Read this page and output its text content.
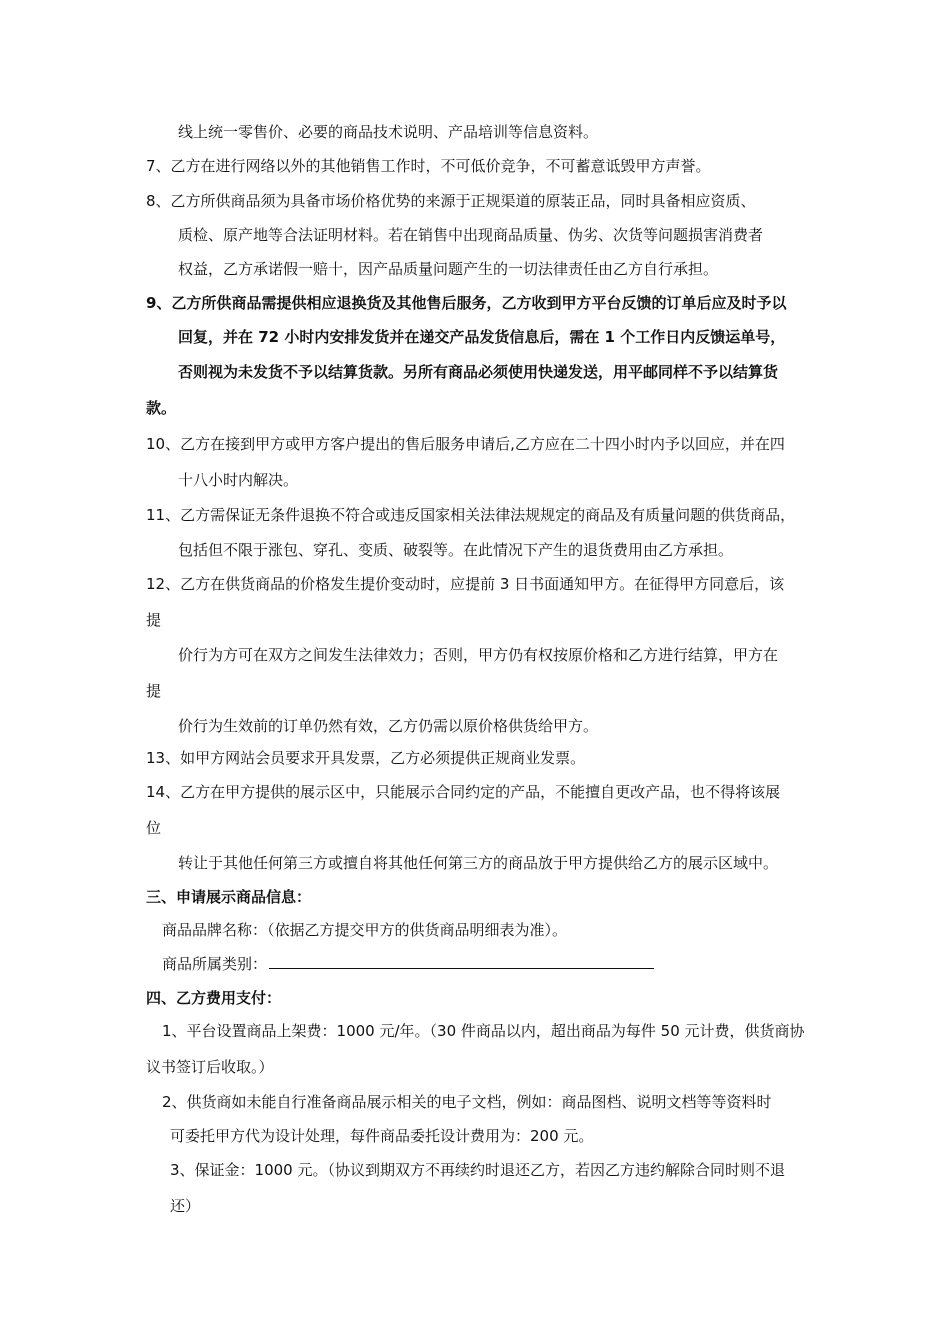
线上统一零售价、必要的商品技术说明、产品培训等信息资料。
7、乙方在进行网络以外的其他销售工作时，不可低价竞争，不可蓄意诋毁甲方声誉。
8、乙方所供商品须为具备市场价格优势的来源于正规渠道的原装正品，同时具备相应资质、
质检、原产地等合法证明材料。若在销售中出现商品质量、伪劣、次货等问题损害消费者
权益，乙方承诺假一赔十，因产品质量问题产生的一切法律责任由乙方自行承担。
9、乙方所供商品需提供相应退换货及其他售后服务，乙方收到甲方平台反馈的订单后应及时予以
回复，并在 72 小时内安排发货并在递交产品发货信息后，需在 1 个工作日内反馈运单号，
否则视为未发货不予以结算货款。另所有商品必须使用快递发送，用平邮同样不予以结算货
款。
10、乙方在接到甲方或甲方客户提出的售后服务申请后,乙方应在二十四小时内予以回应，并在四
十八小时内解决。
11、乙方需保证无条件退换不符合或违反国家相关法律法规规定的商品及有质量问题的供货商品，
包括但不限于涨包、穿孔、变质、破裂等。在此情况下产生的退货费用由乙方承担。
12、乙方在供货商品的价格发生提价变动时，应提前 3 日书面通知甲方。在征得甲方同意后，该
提
价行为方可在双方之间发生法律效力；否则，甲方仍有权按原价格和乙方进行结算，甲方在
提
价行为生效前的订单仍然有效，乙方仍需以原价格供货给甲方。
13、如甲方网站会员要求开具发票，乙方必须提供正规商业发票。
14、乙方在甲方提供的展示区中，只能展示合同约定的产品，不能擅自更改产品，也不得将该展
位
转让于其他任何第三方或擅自将其他任何第三方的商品放于甲方提供给乙方的展示区域中。
三、申请展示商品信息：
商品品牌名称：（依据乙方提交甲方的供货商品明细表为准）。
商品所属类别：
四、乙方费用支付：
1、平台设置商品上架费：1000 元/年。（30 件商品以内，超出商品为每件 50 元计费，供货商协
议书签订后收取。）
2、供货商如未能自行准备商品展示相关的电子文档，例如：商品图档、说明文档等等资料时
可委托甲方代为设计处理，每件商品委托设计费用为：200 元。
3、保证金：1000 元。（协议到期双方不再续约时退还乙方，若因乙方违约解除合同时则不退
还）
